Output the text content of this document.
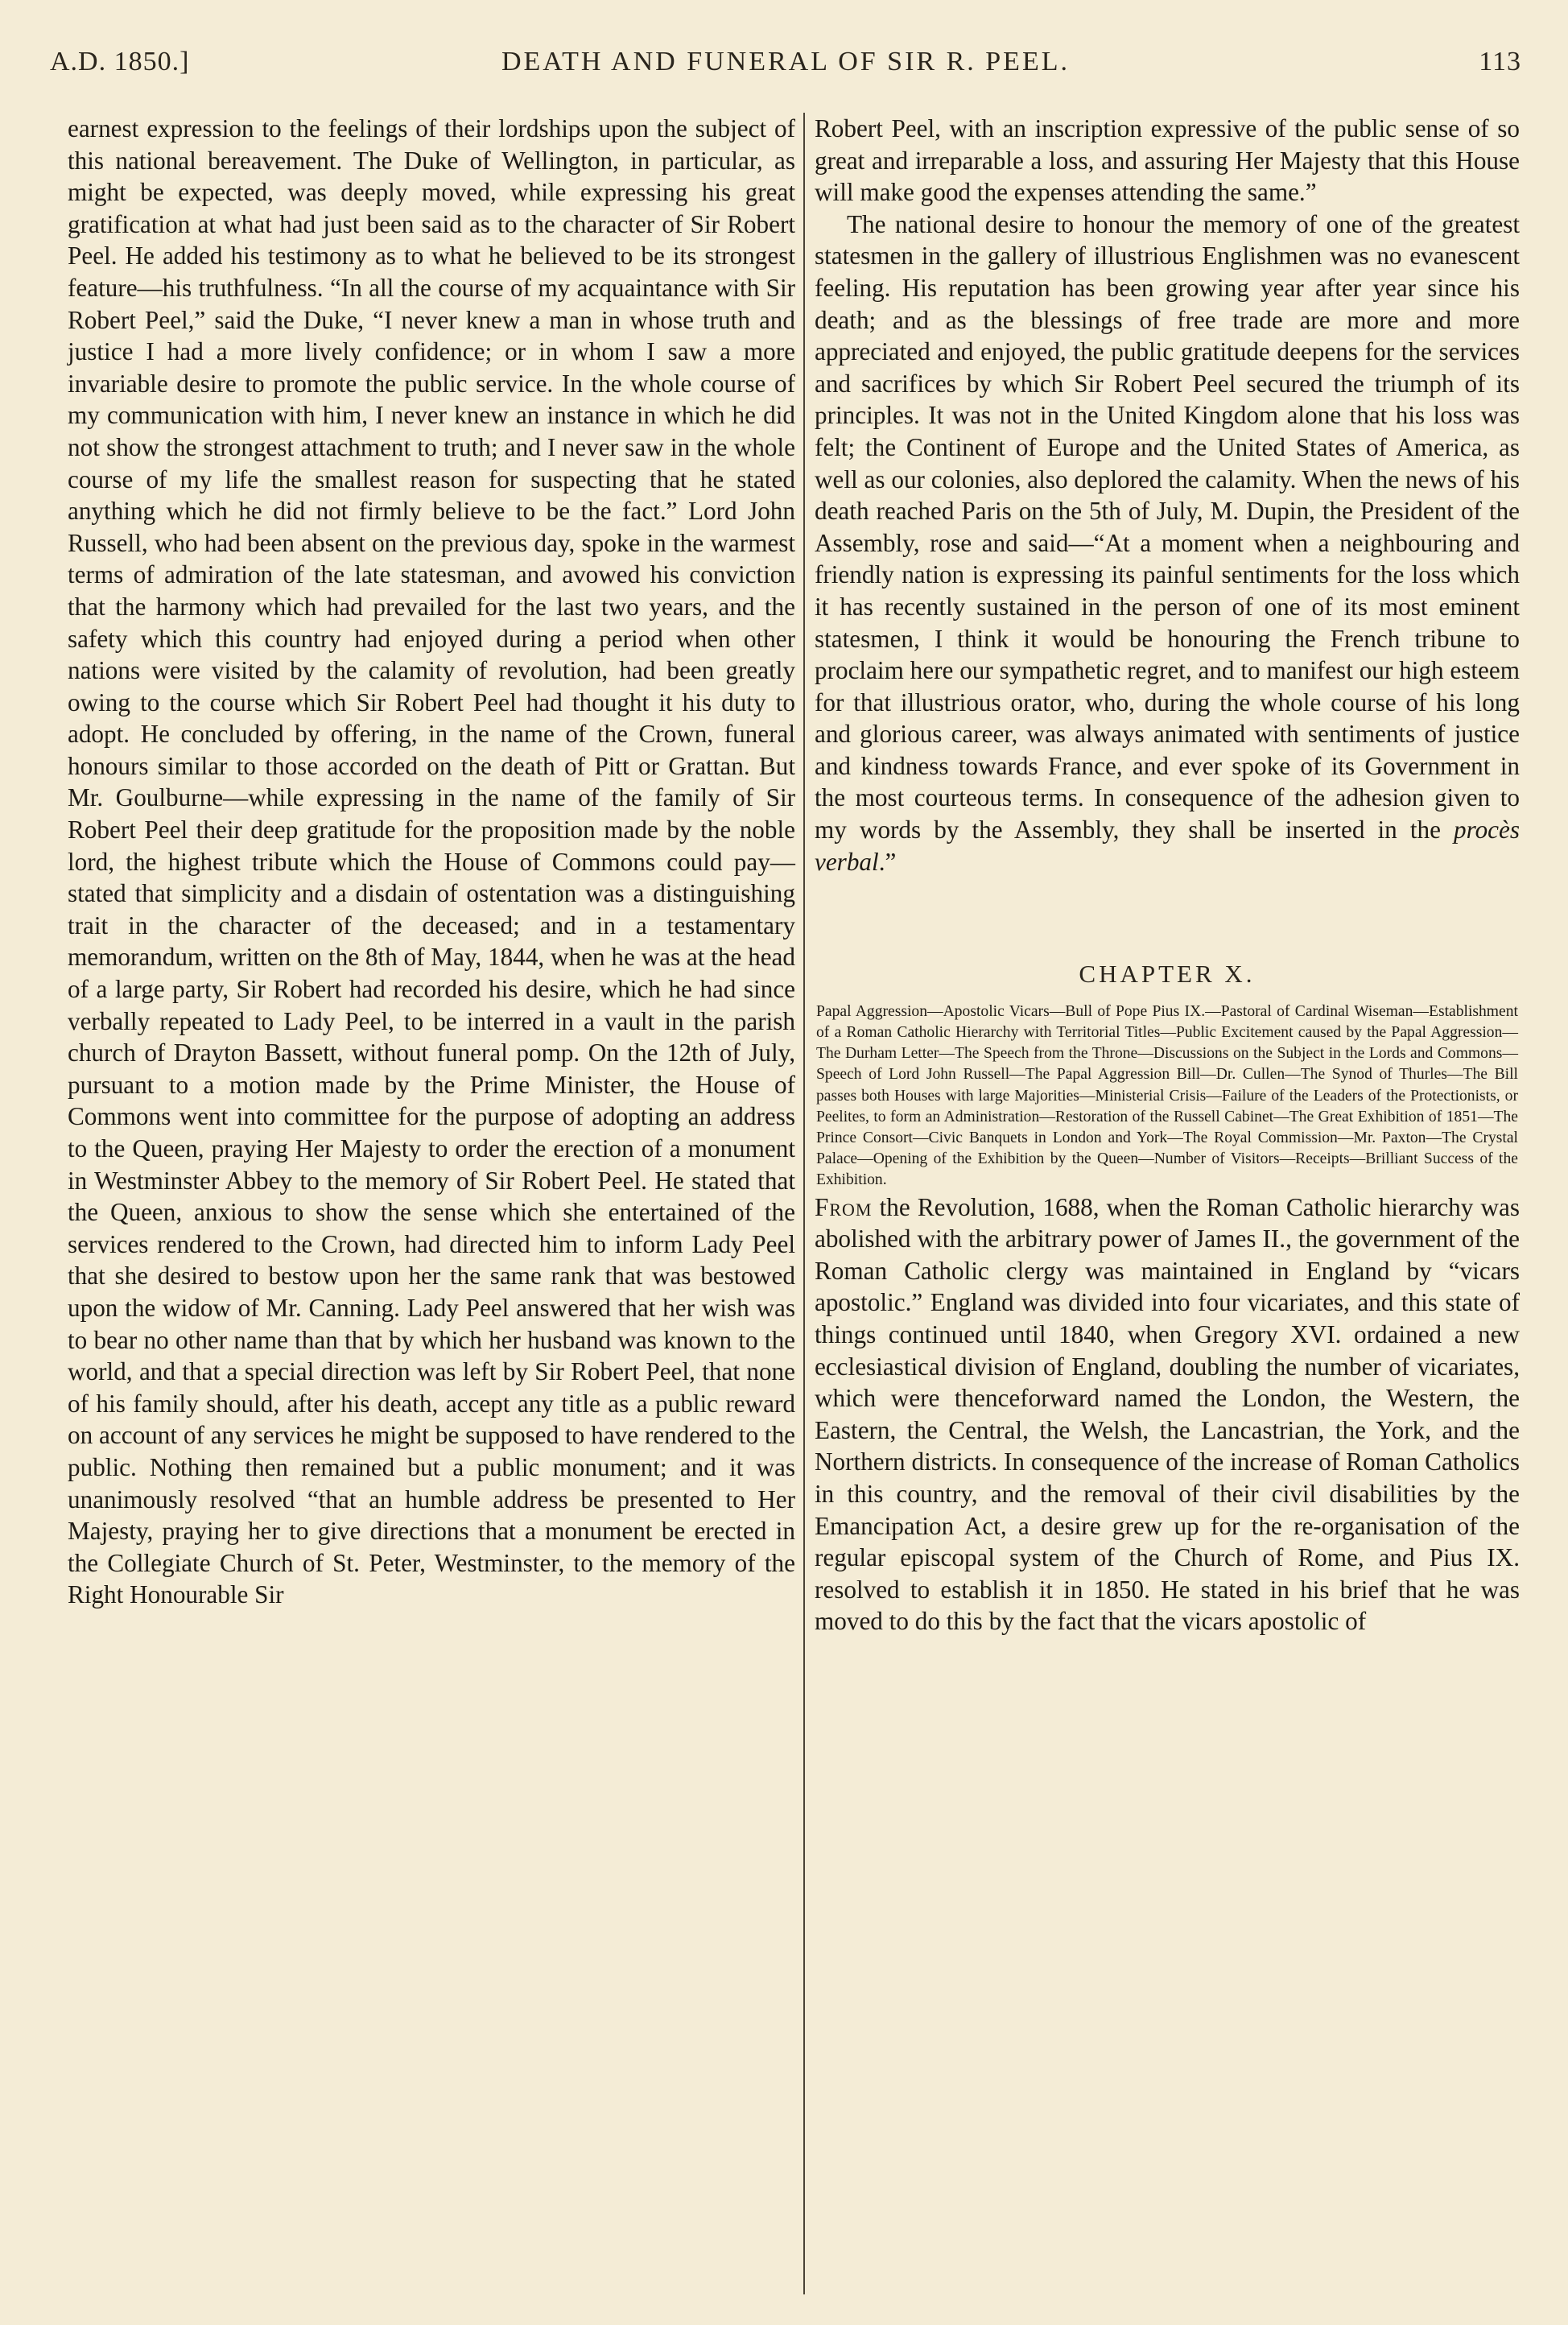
A.D. 1850.]	DEATH AND FUNERAL OF SIR R. PEEL.	113

earnest expression to the feelings of their lordships upon the subject of this national bereavement. The Duke of Wellington, in particular, as might be expected, was deeply moved, while expressing his great gratification at what had just been said as to the character of Sir Robert Peel. He added his testimony as to what he believed to be its strongest feature—his truthfulness. “In all the course of my acquaintance with Sir Robert Peel,” said the Duke, “I never knew a man in whose truth and justice I had a more lively confidence; or in whom I saw a more invariable desire to promote the public service. In the whole course of my communication with him, I never knew an instance in which he did not show the strongest attachment to truth; and I never saw in the whole course of my life the smallest reason for suspecting that he stated anything which he did not firmly believe to be the fact.” Lord John Russell, who had been absent on the previous day, spoke in the warmest terms of admiration of the late statesman, and avowed his conviction that the harmony which had prevailed for the last two years, and the safety which this country had enjoyed during a period when other nations were visited by the calamity of revolution, had been greatly owing to the course which Sir Robert Peel had thought it his duty to adopt. He concluded by offering, in the name of the Crown, funeral honours similar to those accorded on the death of Pitt or Grattan. But Mr. Goulburne—while expressing in the name of the family of Sir Robert Peel their deep gratitude for the proposition made by the noble lord, the highest tribute which the House of Commons could pay—stated that simplicity and a disdain of ostentation was a distinguishing trait in the character of the deceased; and in a testamentary memorandum, written on the 8th of May, 1844, when he was at the head of a large party, Sir Robert had recorded his desire, which he had since verbally repeated to Lady Peel, to be interred in a vault in the parish church of Drayton Bassett, without funeral pomp. On the 12th of July, pursuant to a motion made by the Prime Minister, the House of Commons went into committee for the purpose of adopting an address to the Queen, praying Her Majesty to order the erection of a monument in Westminster Abbey to the memory of Sir Robert Peel. He stated that the Queen, anxious to show the sense which she entertained of the services rendered to the Crown, had directed him to inform Lady Peel that she desired to bestow upon her the same rank that was bestowed upon the widow of Mr. Canning. Lady Peel answered that her wish was to bear no other name than that by which her husband was known to the world, and that a special direction was left by Sir Robert Peel, that none of his family should, after his death, accept any title as a public reward on account of any services he might be supposed to have rendered to the public. Nothing then remained but a public monument; and it was unanimously resolved “that an humble address be presented to Her Majesty, praying her to give directions that a monument be erected in the Collegiate Church of St. Peter, Westminster, to the memory of the Right Honourable Sir

Robert Peel, with an inscription expressive of the public sense of so great and irreparable a loss, and assuring Her Majesty that this House will make good the expenses attending the same.”

The national desire to honour the memory of one of the greatest statesmen in the gallery of illustrious Englishmen was no evanescent feeling. His reputation has been growing year after year since his death; and as the blessings of free trade are more and more appreciated and enjoyed, the public gratitude deepens for the services and sacrifices by which Sir Robert Peel secured the triumph of its principles. It was not in the United Kingdom alone that his loss was felt; the Continent of Europe and the United States of America, as well as our colonies, also deplored the calamity. When the news of his death reached Paris on the 5th of July, M. Dupin, the President of the Assembly, rose and said—“At a moment when a neighbouring and friendly nation is expressing its painful sentiments for the loss which it has recently sustained in the person of one of its most eminent statesmen, I think it would be honouring the French tribune to proclaim here our sympathetic regret, and to manifest our high esteem for that illustrious orator, who, during the whole course of his long and glorious career, was always animated with sentiments of justice and kindness towards France, and ever spoke of its Government in the most courteous terms. In consequence of the adhesion given to my words by the Assembly, they shall be inserted in the procès verbal.”

CHAPTER X.

Papal Aggression—Apostolic Vicars—Bull of Pope Pius IX.—Pastoral of Cardinal Wiseman—Establishment of a Roman Catholic Hierarchy with Territorial Titles—Public Excitement caused by the Papal Aggression—The Durham Letter—The Speech from the Throne—Discussions on the Subject in the Lords and Commons—Speech of Lord John Russell—The Papal Aggression Bill—Dr. Cullen—The Synod of Thurles—The Bill passes both Houses with large Majorities—Ministerial Crisis—Failure of the Leaders of the Protectionists, or Peelites, to form an Administration—Restoration of the Russell Cabinet—The Great Exhibition of 1851—The Prince Consort—Civic Banquets in London and York—The Royal Commission—Mr. Paxton—The Crystal Palace—Opening of the Exhibition by the Queen—Number of Visitors—Receipts—Brilliant Success of the Exhibition.

From the Revolution, 1688, when the Roman Catholic hierarchy was abolished with the arbitrary power of James II., the government of the Roman Catholic clergy was maintained in England by “vicars apostolic.” England was divided into four vicariates, and this state of things continued until 1840, when Gregory XVI. ordained a new ecclesiastical division of England, doubling the number of vicariates, which were thenceforward named the London, the Western, the Eastern, the Central, the Welsh, the Lancastrian, the York, and the Northern districts. In consequence of the increase of Roman Catholics in this country, and the removal of their civil disabilities by the Emancipation Act, a desire grew up for the re-organisation of the regular episcopal system of the Church of Rome, and Pius IX. resolved to establish it in 1850. He stated in his brief that he was moved to do this by the fact that the vicars apostolic of
